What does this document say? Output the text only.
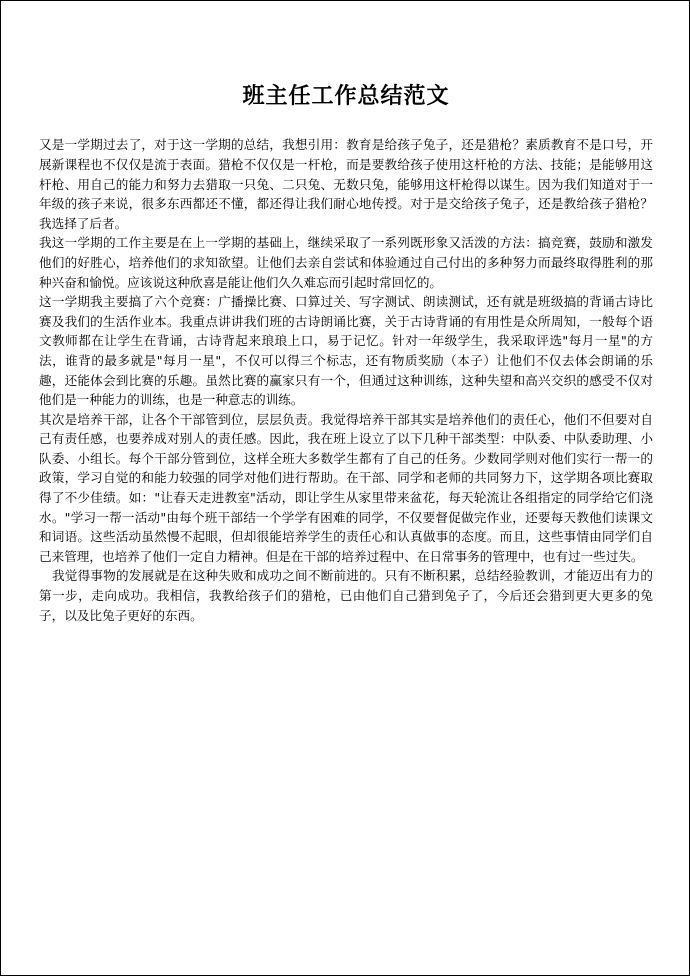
班主任工作总结范文

又是一学期过去了，对于这一学期的总结，我想引用：教育是给孩子兔子，还是猎枪？素质教育不是口号，开展新课程也不仅仅是流于表面。猎枪不仅仅是一杆枪，而是要教给孩子使用这杆枪的方法、技能；是能够用这杆枪、用自己的能力和努力去猎取一只兔、二只兔、无数只兔，能够用这杆枪得以谋生。因为我们知道对于一年级的孩子来说，很多东西都还不懂，都还得让我们耐心地传授。对于是交给孩子兔子，还是教给孩子猎枪？我选择了后者。

我这一学期的工作主要是在上一学期的基础上，继续采取了一系列既形象又活泼的方法：搞竞赛，鼓励和激发他们的好胜心，培养他们的求知欲望。让他们去亲自尝试和体验通过自己付出的多种努力而最终取得胜利的那种兴奋和愉悦。应该说这种欣喜是能让他们久久难忘而引起时常回忆的。

这一学期我主要搞了六个竞赛：广播操比赛、口算过关、写字测试、朗读测试，还有就是班级搞的背诵古诗比赛及我们的生活作业本。我重点讲讲我们班的古诗朗诵比赛，关于古诗背诵的有用性是众所周知，一般每个语文教师都在让学生在背诵，古诗背起来琅琅上口，易于记忆。针对一年级学生，我采取评选"每月一星"的方法，谁背的最多就是"每月一星"，不仅可以得三个标志，还有物质奖励（本子）让他们不仅去体会朗诵的乐趣，还能体会到比赛的乐趣。虽然比赛的赢家只有一个，但通过这种训练，这种失望和高兴交织的感受不仅对他们是一种能力的训练，也是一种意志的训练。

其次是培养干部，让各个干部管到位，层层负责。我觉得培养干部其实是培养他们的责任心，他们不但要对自己有责任感，也要养成对别人的责任感。因此，我在班上设立了以下几种干部类型：中队委、中队委助理、小队委、小组长。每个干部分管到位，这样全班大多数学生都有了自己的任务。少数同学则对他们实行一帮一的政策，学习自觉的和能力较强的同学对他们进行帮助。在干部、同学和老师的共同努力下，这学期各项比赛取得了不少佳绩。如："让春天走进教室"活动，即让学生从家里带来盆花，每天轮流让各组指定的同学给它们浇水。"学习一帮一活动"由每个班干部结一个学学有困难的同学，不仅要督促做完作业，还要每天教他们读课文和词语。这些活动虽然慢不起眼，但却很能培养学生的责任心和认真做事的态度。而且，这些事情由同学们自己来管理，也培养了他们一定自力精神。但是在干部的培养过程中、在日常事务的管理中，也有过一些过失。

我觉得事物的发展就是在这种失败和成功之间不断前进的。只有不断积累，总结经验教训，才能迈出有力的第一步，走向成功。我相信，我教给孩子们的猎枪，已由他们自己猎到兔子了，今后还会猎到更大更多的兔子，以及比兔子更好的东西。
